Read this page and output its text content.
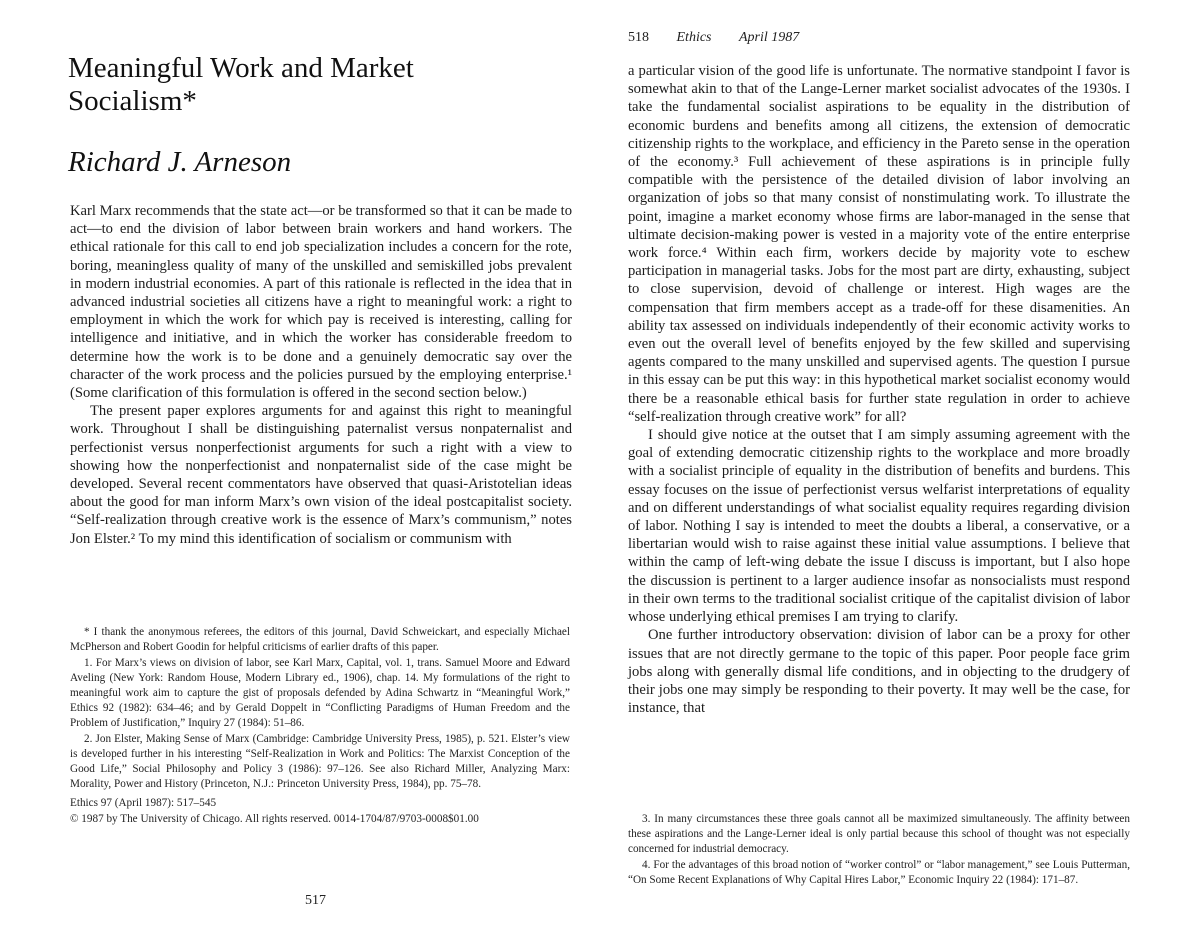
Meaningful Work and Market Socialism*
Richard J. Arneson

Karl Marx recommends that the state act—or be transformed so that it can be made to act—to end the division of labor between brain workers and hand workers. The ethical rationale for this call to end job specialization includes a concern for the rote, boring, meaningless quality of many of the unskilled and semiskilled jobs prevalent in modern industrial economies. A part of this rationale is reflected in the idea that in advanced industrial societies all citizens have a right to meaningful work: a right to employment in which the work for which pay is received is interesting, calling for intelligence and initiative, and in which the worker has considerable freedom to determine how the work is to be done and a genuinely democratic say over the character of the work process and the policies pursued by the employing enterprise.¹ (Some clarification of this formulation is offered in the second section below.)

The present paper explores arguments for and against this right to meaningful work. Throughout I shall be distinguishing paternalist versus nonpaternalist and perfectionist versus nonperfectionist arguments for such a right with a view to showing how the nonperfectionist and nonpaternalist side of the case might be developed. Several recent commentators have observed that quasi-Aristotelian ideas about the good for man inform Marx’s own vision of the ideal postcapitalist society. “Self-realization through creative work is the essence of Marx’s communism,” notes Jon Elster.² To my mind this identification of socialism or communism with

* I thank the anonymous referees, the editors of this journal, David Schweickart, and especially Michael McPherson and Robert Goodin for helpful criticisms of earlier drafts of this paper.

1. For Marx’s views on division of labor, see Karl Marx, Capital, vol. 1, trans. Samuel Moore and Edward Aveling (New York: Random House, Modern Library ed., 1906), chap. 14. My formulations of the right to meaningful work aim to capture the gist of proposals defended by Adina Schwartz in “Meaningful Work,” Ethics 92 (1982): 634–46; and by Gerald Doppelt in “Conflicting Paradigms of Human Freedom and the Problem of Justification,” Inquiry 27 (1984): 51–86.

2. Jon Elster, Making Sense of Marx (Cambridge: Cambridge University Press, 1985), p. 521. Elster’s view is developed further in his interesting “Self-Realization in Work and Politics: The Marxist Conception of the Good Life,” Social Philosophy and Policy 3 (1986): 97–126. See also Richard Miller, Analyzing Marx: Morality, Power and History (Princeton, N.J.: Princeton University Press, 1984), pp. 75–78.

Ethics 97 (April 1987): 517–545

© 1987 by The University of Chicago. All rights reserved. 0014-1704/87/9703-0008$01.00

517
518 Ethics April 1987

a particular vision of the good life is unfortunate. The normative standpoint I favor is somewhat akin to that of the Lange-Lerner market socialist advocates of the 1930s. I take the fundamental socialist aspirations to be equality in the distribution of economic burdens and benefits among all citizens, the extension of democratic citizenship rights to the workplace, and efficiency in the Pareto sense in the operation of the economy.³ Full achievement of these aspirations is in principle fully compatible with the persistence of the detailed division of labor involving an organization of jobs so that many consist of nonstimulating work. To illustrate the point, imagine a market economy whose firms are labor-managed in the sense that ultimate decision-making power is vested in a majority vote of the entire enterprise work force.⁴ Within each firm, workers decide by majority vote to eschew participation in managerial tasks. Jobs for the most part are dirty, exhausting, subject to close supervision, devoid of challenge or interest. High wages are the compensation that firm members accept as a trade-off for these disamenities. An ability tax assessed on individuals independently of their economic activity works to even out the overall level of benefits enjoyed by the few skilled and supervising agents compared to the many unskilled and supervised agents. The question I pursue in this essay can be put this way: in this hypothetical market socialist economy would there be a reasonable ethical basis for further state regulation in order to achieve “self-realization through creative work” for all?

I should give notice at the outset that I am simply assuming agreement with the goal of extending democratic citizenship rights to the workplace and more broadly with a socialist principle of equality in the distribution of benefits and burdens. This essay focuses on the issue of perfectionist versus welfarist interpretations of equality and on different understandings of what socialist equality requires regarding division of labor. Nothing I say is intended to meet the doubts a liberal, a conservative, or a libertarian would wish to raise against these initial value assumptions. I believe that within the camp of left-wing debate the issue I discuss is important, but I also hope the discussion is pertinent to a larger audience insofar as nonsocialists must respond in their own terms to the traditional socialist critique of the capitalist division of labor whose underlying ethical premises I am trying to clarify.

One further introductory observation: division of labor can be a proxy for other issues that are not directly germane to the topic of this paper. Poor people face grim jobs along with generally dismal life conditions, and in objecting to the drudgery of their jobs one may simply be responding to their poverty. It may well be the case, for instance, that

3. In many circumstances these three goals cannot all be maximized simultaneously. The affinity between these aspirations and the Lange-Lerner ideal is only partial because this school of thought was not especially concerned for industrial democracy.

4. For the advantages of this broad notion of “worker control” or “labor management,” see Louis Putterman, “On Some Recent Explanations of Why Capital Hires Labor,” Economic Inquiry 22 (1984): 171–87.
